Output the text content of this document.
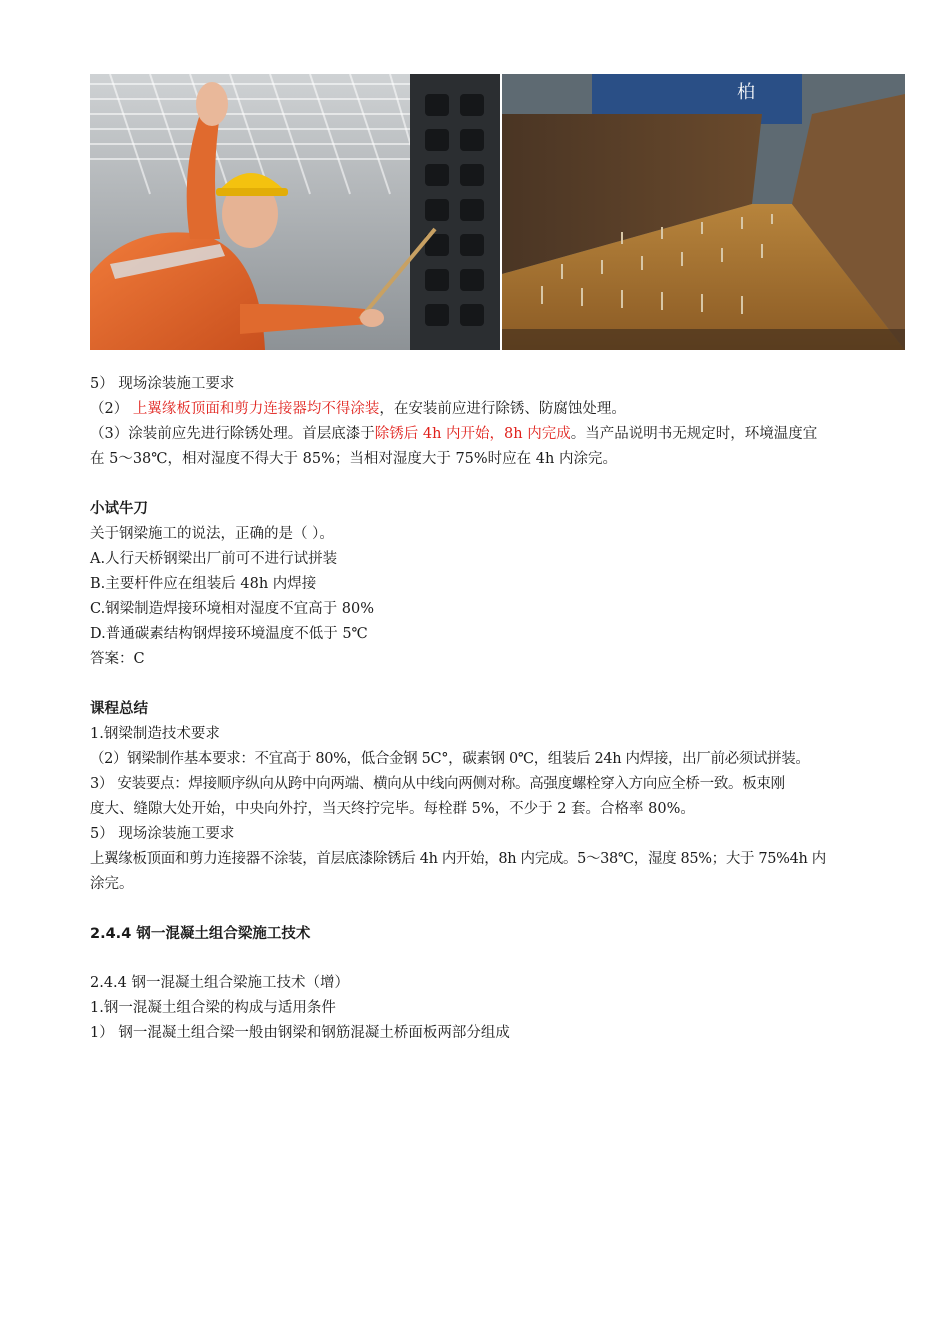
柏
5） 现场涂装施工要求
（2） 上翼缘板顶面和剪力连接器均不得涂装，在安装前应进行除锈、防腐蚀处理。
（3）涂装前应先进行除锈处理。首层底漆于除锈后 4h 内开始，8h 内完成。当产品说明书无规定时，环境温度宜
在 5～38℃，相对湿度不得大于 85%；当相对湿度大于 75%时应在 4h 内涂完。
小试牛刀
关于钢梁施工的说法，正确的是（ ）。
A.人行天桥钢梁出厂前可不进行试拼装
B.主要杆件应在组装后 48h 内焊接
C.钢梁制造焊接环境相对湿度不宜高于 80%
D.普通碳素结构钢焊接环境温度不低于 5℃
答案：C
课程总结
1.钢梁制造技术要求
（2）钢梁制作基本要求：不宜高于 80%，低合金钢 5C°，碳素钢 0℃，组装后 24h 内焊接，出厂前必须试拼装。
3） 安装要点：焊接顺序纵向从跨中向两端、横向从中线向两侧对称。高强度螺栓穿入方向应全桥一致。板束刚
度大、缝隙大处开始，中央向外拧，当天终拧完毕。每栓群 5%，不少于 2 套。合格率 80%。
5） 现场涂装施工要求
上翼缘板顶面和剪力连接器不涂装，首层底漆除锈后 4h 内开始，8h 内完成。5～38℃，湿度 85%；大于 75%4h 内
涂完。
2.4.4 钢一混凝土组合梁施工技术
2.4.4 钢一混凝土组合梁施工技术（增）
1.钢一混凝土组合梁的构成与适用条件
1） 钢一混凝土组合梁一般由钢梁和钢筋混凝土桥面板两部分组成
